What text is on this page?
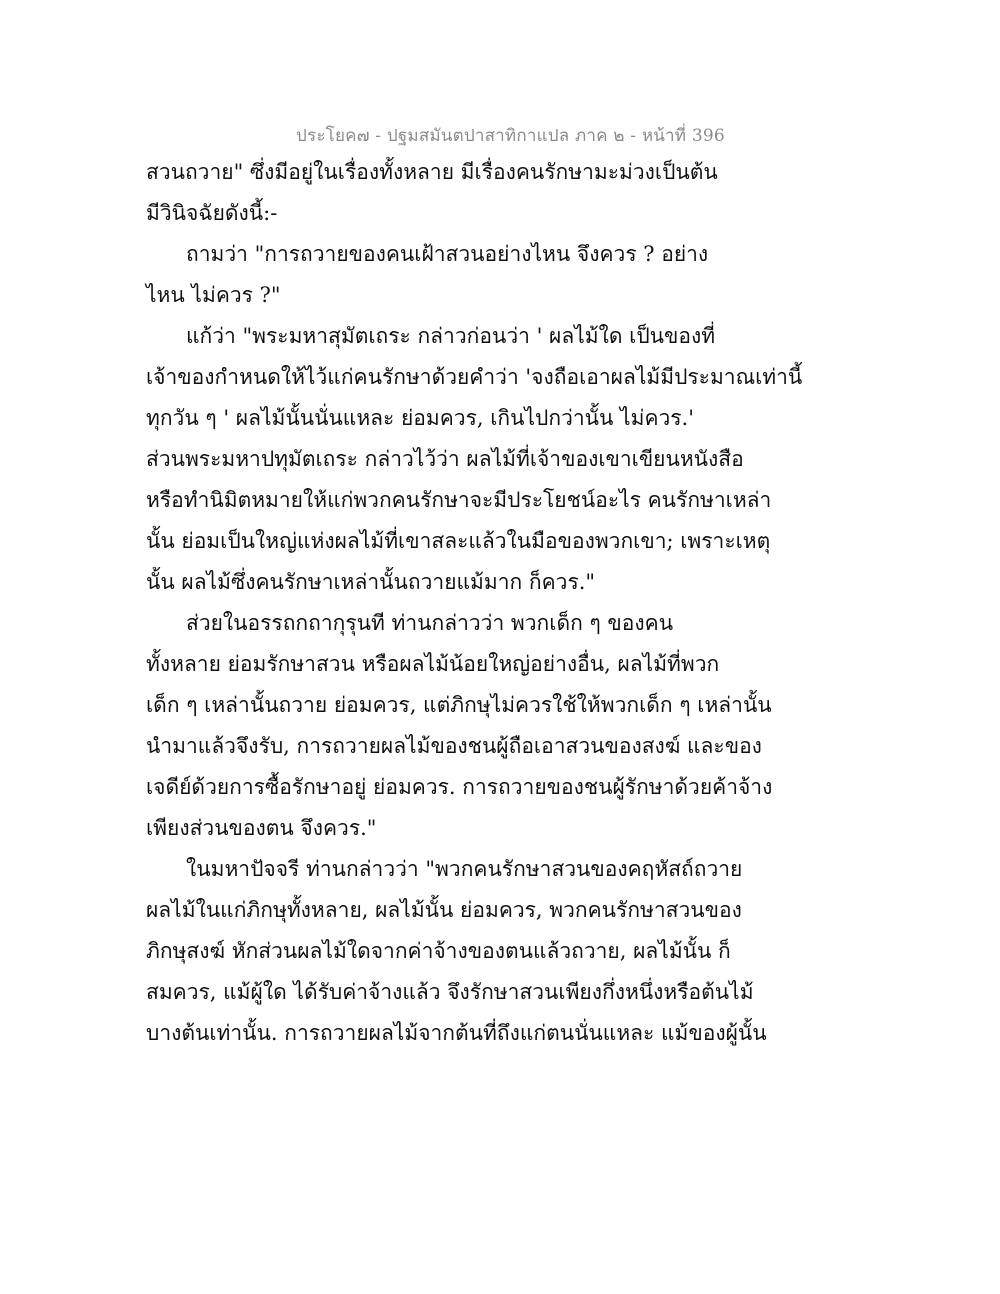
ประโยค๗ - ปฐมสมันตปาสาทิกาแปล ภาค ๒ - หน้าที่ 396
สวนถวาย" ซึ่งมีอยู่ในเรื่องทั้งหลาย มีเรื่องคนรักษามะม่วงเป็นต้น
มีวินิจฉัยดังนี้:-
ถามว่า "การถวายของคนเฝ้าสวนอย่างไหน จึงควร ? อย่าง
ไหน ไม่ควร ?"
แก้ว่า "พระมหาสุมัตเถระ กล่าวก่อนว่า ' ผลไม้ใด เป็นของที่
เจ้าของกำหนดให้ไว้แก่คนรักษาด้วยคำว่า 'จงถือเอาผลไม้มีประมาณเท่านี้
ทุกวัน ๆ ' ผลไม้นั้นนั่นแหละ ย่อมควร, เกินไปกว่านั้น ไม่ควร.'
ส่วนพระมหาปทุมัตเถระ กล่าวไว้ว่า ผลไม้ที่เจ้าของเขาเขียนหนังสือ
หรือทำนิมิตหมายให้แก่พวกคนรักษาจะมีประโยชน์อะไร คนรักษาเหล่า
นั้น ย่อมเป็นใหญ่แห่งผลไม้ที่เขาสละแล้วในมือของพวกเขา; เพราะเหตุ
นั้น ผลไม้ซึ่งคนรักษาเหล่านั้นถวายแม้มาก ก็ควร."
ส่วยในอรรถกถากุรุนที ท่านกล่าวว่า พวกเด็ก ๆ ของคน
ทั้งหลาย ย่อมรักษาสวน หรือผลไม้น้อยใหญ่อย่างอื่น, ผลไม้ที่พวก
เด็ก ๆ เหล่านั้นถวาย ย่อมควร, แต่ภิกษุไม่ควรใช้ให้พวกเด็ก ๆ เหล่านั้น
นำมาแล้วจึงรับ, การถวายผลไม้ของชนผู้ถือเอาสวนของสงฆ์ และของ
เจดีย์ด้วยการซื้อรักษาอยู่ ย่อมควร. การถวายของชนผู้รักษาด้วยค้าจ้าง
เพียงส่วนของตน จึงควร."
ในมหาปัจจรี ท่านกล่าวว่า "พวกคนรักษาสวนของคฤหัสถ์ถวาย
ผลไม้ในแก่ภิกษุทั้งหลาย, ผลไม้นั้น ย่อมควร, พวกคนรักษาสวนของ
ภิกษุสงฆ์ หักส่วนผลไม้ใดจากค่าจ้างของตนแล้วถวาย, ผลไม้นั้น ก็
สมควร, แม้ผู้ใด ได้รับค่าจ้างแล้ว จึงรักษาสวนเพียงกึ่งหนึ่งหรือต้นไม้
บางต้นเท่านั้น. การถวายผลไม้จากต้นที่ถึงแก่ตนนั่นแหละ แม้ของผู้นั้น
